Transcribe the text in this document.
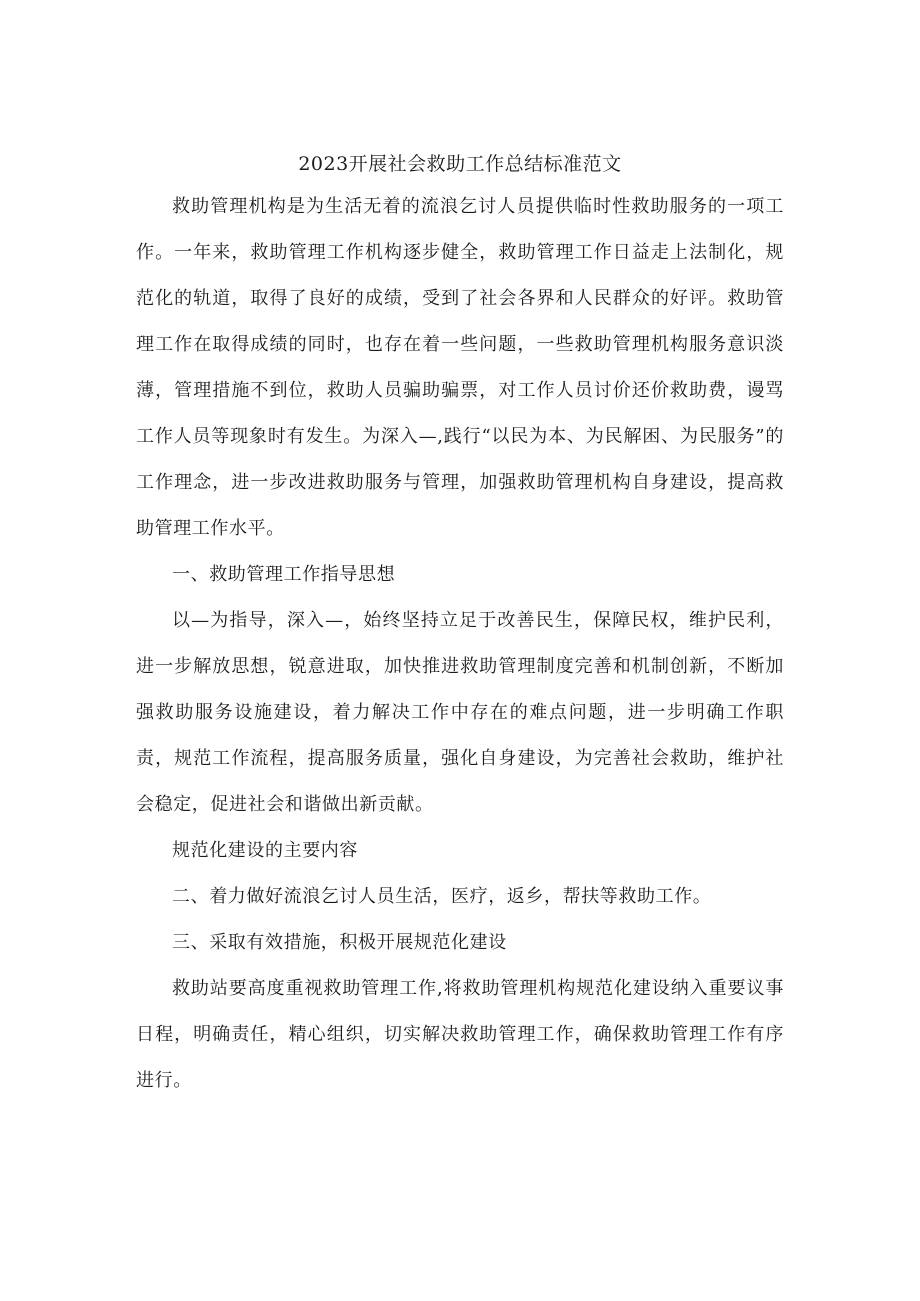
2023开展社会救助工作总结标准范文

救助管理机构是为生活无着的流浪乞讨人员提供临时性救助服务的一项工作。一年来，救助管理工作机构逐步健全，救助管理工作日益走上法制化，规范化的轨道，取得了良好的成绩，受到了社会各界和人民群众的好评。救助管理工作在取得成绩的同时，也存在着一些问题，一些救助管理机构服务意识淡薄，管理措施不到位，救助人员骗助骗票，对工作人员讨价还价救助费，谩骂工作人员等现象时有发生。为深入—,践行“以民为本、为民解困、为民服务”的工作理念，进一步改进救助服务与管理，加强救助管理机构自身建设，提高救助管理工作水平。

一、救助管理工作指导思想

以—为指导，深入—，始终坚持立足于改善民生，保障民权，维护民利，进一步解放思想，锐意进取，加快推进救助管理制度完善和机制创新，不断加强救助服务设施建设，着力解决工作中存在的难点问题，进一步明确工作职责，规范工作流程，提高服务质量，强化自身建设，为完善社会救助，维护社会稳定，促进社会和谐做出新贡献。

规范化建设的主要内容

二、着力做好流浪乞讨人员生活，医疗，返乡，帮扶等救助工作。

三、采取有效措施，积极开展规范化建设

救助站要高度重视救助管理工作,将救助管理机构规范化建设纳入重要议事日程，明确责任，精心组织，切实解决救助管理工作，确保救助管理工作有序进行。
